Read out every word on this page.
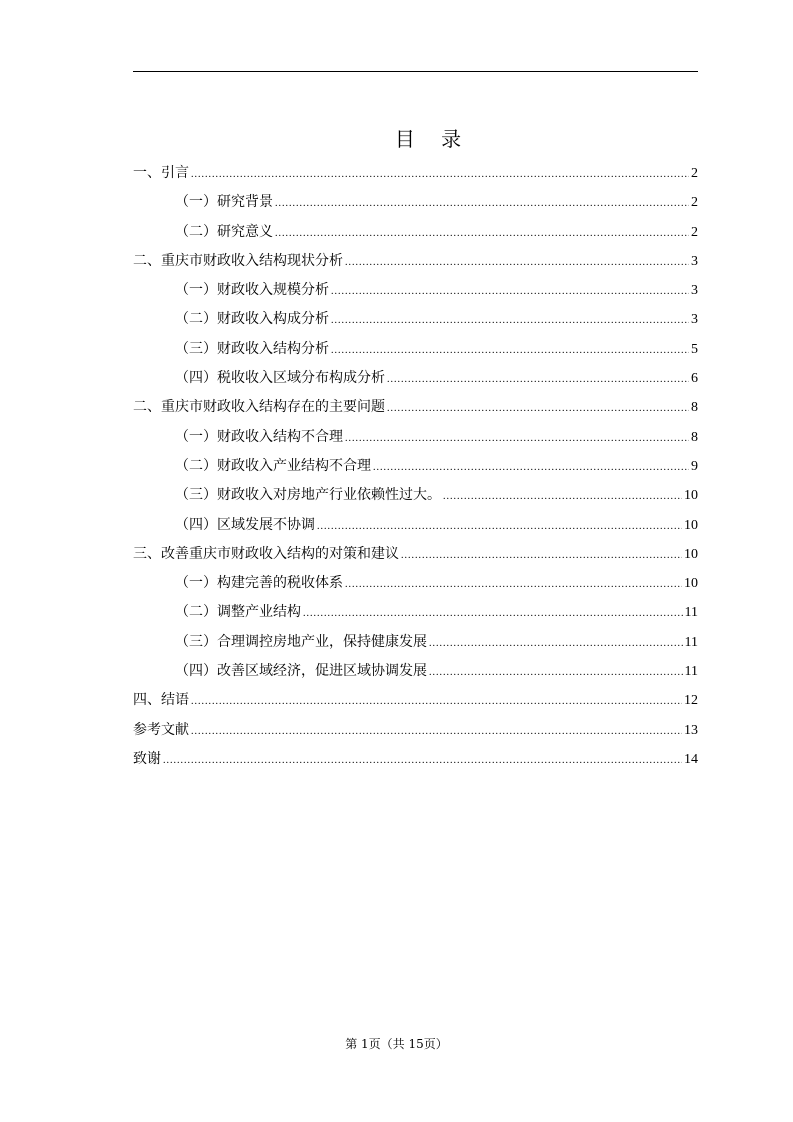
目 录
一、引言 .....	2
（一）研究背景 .....	2
（二）研究意义 .....	2
二、重庆市财政收入结构现状分析 .....	3
（一）财政收入规模分析 .....	3
（二）财政收入构成分析 .....	3
（三）财政收入结构分析 .....	5
（四）税收收入区域分布构成分析 .....	6
二、重庆市财政收入结构存在的主要问题 .....	8
（一）财政收入结构不合理 .....	8
（二）财政收入产业结构不合理 .....	9
（三）财政收入对房地产行业依赖性过大。 .....	10
（四）区域发展不协调 .....	10
三、改善重庆市财政收入结构的对策和建议 .....	10
（一）构建完善的税收体系 .....	10
（二）调整产业结构 .....	11
（三）合理调控房地产业，保持健康发展 .....	11
（四）改善区域经济，促进区域协调发展 .....	11
四、结语 .....	12
参考文献 .....	13
致谢 .....	14
第 1页（共 15页）
